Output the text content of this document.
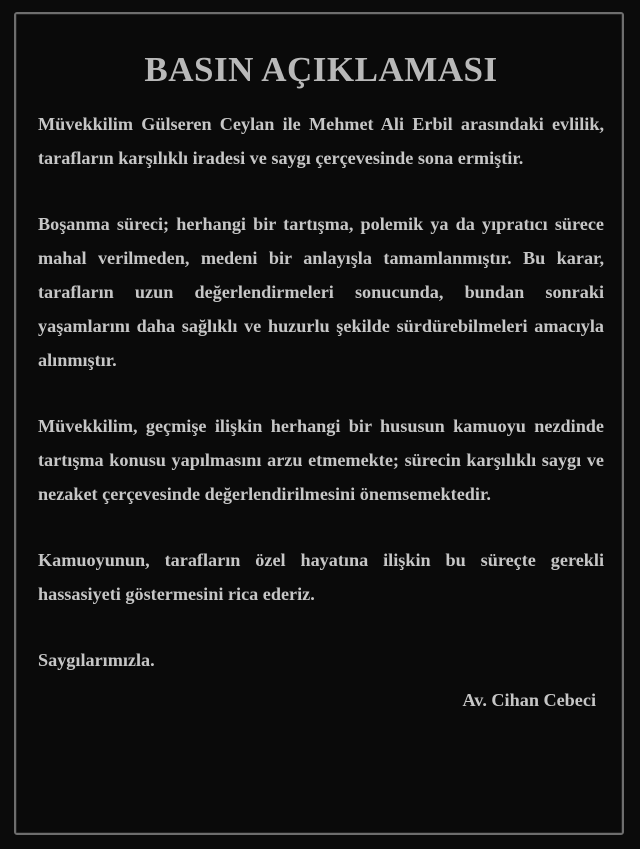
BASIN AÇIKLAMASI

Müvekkilim Gülseren Ceylan ile Mehmet Ali Erbil arasındaki evlilik, tarafların karşılıklı iradesi ve saygı çerçevesinde sona ermiştir.

Boşanma süreci; herhangi bir tartışma, polemik ya da yıpratıcı sürece mahal verilmeden, medeni bir anlayışla tamamlanmıştır. Bu karar, tarafların uzun değerlendirmeleri sonucunda, bundan sonraki yaşamlarını daha sağlıklı ve huzurlu şekilde sürdürebilmeleri amacıyla alınmıştır.

Müvekkilim, geçmişe ilişkin herhangi bir hususun kamuoyu nezdinde tartışma konusu yapılmasını arzu etmemekte; sürecin karşılıklı saygı ve nezaket çerçevesinde değerlendirilmesini önemsemektedir.

Kamuoyunun, tarafların özel hayatına ilişkin bu süreçte gerekli hassasiyeti göstermesini rica ederiz.

Saygılarımızla.
Av. Cihan Cebeci
